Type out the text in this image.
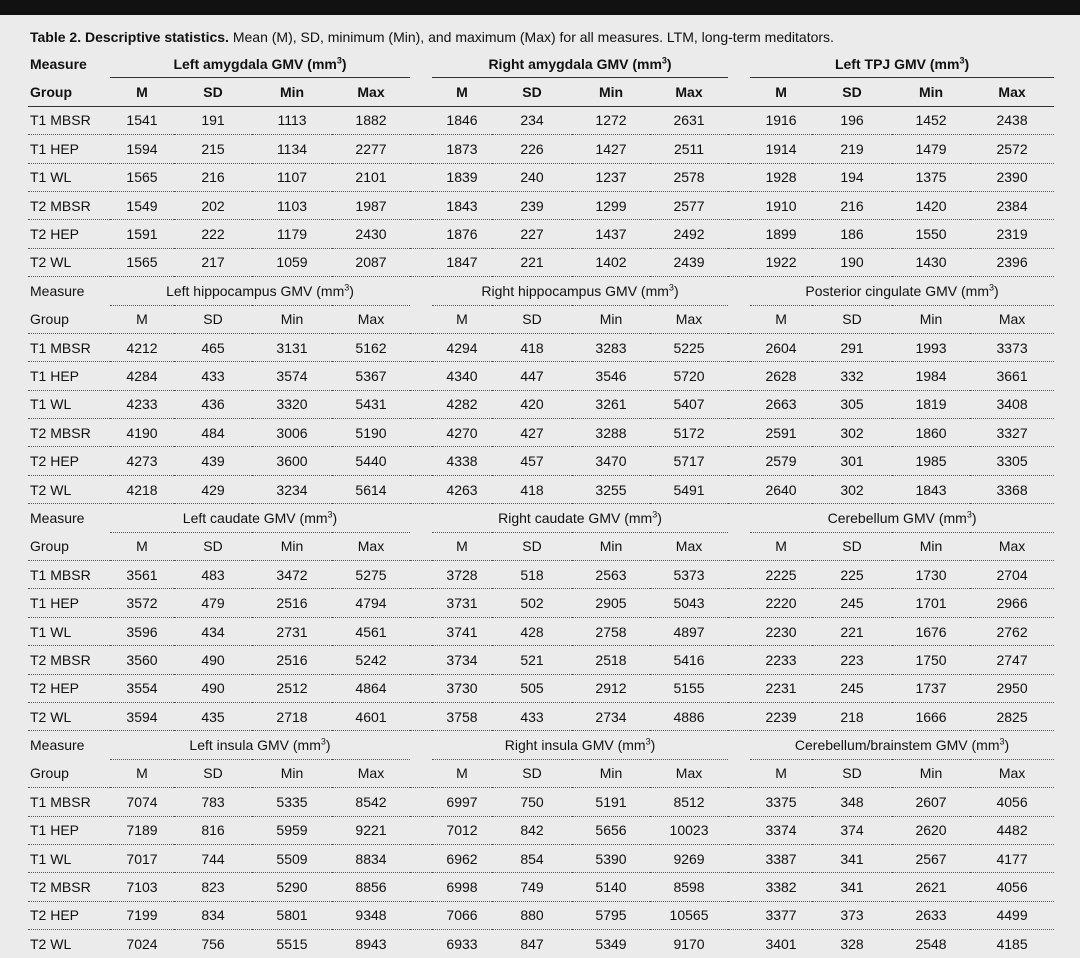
Table 2. Descriptive statistics. Mean (M), SD, minimum (Min), and maximum (Max) for all measures. LTM, long-term meditators.
Measure	Left amygdala GMV $(mm^3)$					Right amygdala GMV $(mm^3)$					Left TPJ GMV $(mm^3)$			
Group	M	SD	Min	Max		M	SD	Min	Max		M	SD	Min	Max
T1 MBSR	1541	191	1113	1882		1846	234	1272	2631		1916	196	1452	2438
T1 HEP	1594	215	1134	2277		1873	226	1427	2511		1914	219	1479	2572
T1 WL	1565	216	1107	2101		1839	240	1237	2578		1928	194	1375	2390
T2 MBSR	1549	202	1103	1987		1843	239	1299	2577		1910	216	1420	2384
T2 HEP	1591	222	1179	2430		1876	227	1437	2492		1899	186	1550	2319
T2 WL	1565	217	1059	2087		1847	221	1402	2439		1922	190	1430	2396
Measure	Left hippocampus GMV $(mm^3)$					Right hippocampus GMV $(mm^3)$					Posterior cingulate GMV $(mm^3)$			
Group	M	SD	Min	Max		M	SD	Min	Max		M	SD	Min	Max
T1 MBSR	4212	465	3131	5162		4294	418	3283	5225		2604	291	1993	3373
T1 HEP	4284	433	3574	5367		4340	447	3546	5720		2628	332	1984	3661
T1 WL	4233	436	3320	5431		4282	420	3261	5407		2663	305	1819	3408
T2 MBSR	4190	484	3006	5190		4270	427	3288	5172		2591	302	1860	3327
T2 HEP	4273	439	3600	5440		4338	457	3470	5717		2579	301	1985	3305
T2 WL	4218	429	3234	5614		4263	418	3255	5491		2640	302	1843	3368
Measure	Left caudate GMV $(mm^3)$					Right caudate GMV $(mm^3)$					Cerebellum GMV $(mm^3)$			
Group	M	SD	Min	Max		M	SD	Min	Max		M	SD	Min	Max
T1 MBSR	3561	483	3472	5275		3728	518	2563	5373		2225	225	1730	2704
T1 HEP	3572	479	2516	4794		3731	502	2905	5043		2220	245	1701	2966
T1 WL	3596	434	2731	4561		3741	428	2758	4897		2230	221	1676	2762
T2 MBSR	3560	490	2516	5242		3734	521	2518	5416		2233	223	1750	2747
T2 HEP	3554	490	2512	4864		3730	505	2912	5155		2231	245	1737	2950
T2 WL	3594	435	2718	4601		3758	433	2734	4886		2239	218	1666	2825
Measure	Left insula GMV $(mm^3)$					Right insula GMV $(mm^3)$					Cerebellum/brainstem GMV $(mm^3)$			
Group	M	SD	Min	Max		M	SD	Min	Max		M	SD	Min	Max
T1 MBSR	7074	783	5335	8542		6997	750	5191	8512		3375	348	2607	4056
T1 HEP	7189	816	5959	9221		7012	842	5656	10023		3374	374	2620	4482
T1 WL	7017	744	5509	8834		6962	854	5390	9269		3387	341	2567	4177
T2 MBSR	7103	823	5290	8856		6998	749	5140	8598		3382	341	2621	4056
T2 HEP	7199	834	5801	9348		7066	880	5795	10565		3377	373	2633	4499
T2 WL	7024	756	5515	8943		6933	847	5349	9170		3401	328	2548	4185
